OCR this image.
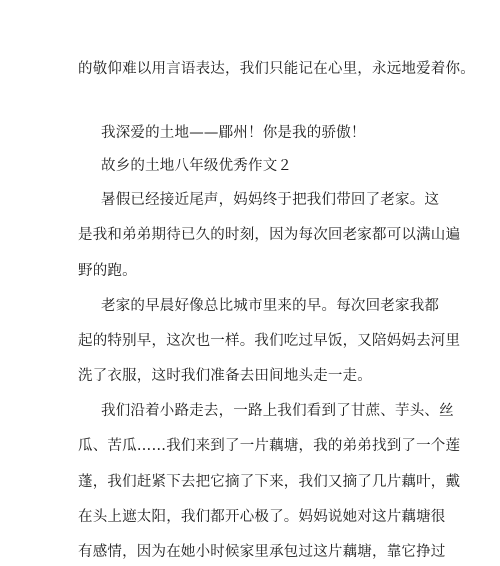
的敬仰难以用言语表达，我们只能记在心里，永远地爱着你。
我深爱的土地——郿州！你是我的骄傲！
故乡的土地八年级优秀作文２
暑假已经接近尾声，妈妈终于把我们带回了老家。这
是我和弟弟期待已久的时刻，因为每次回老家都可以满山遍
野的跑。
老家的早晨好像总比城市里来的早。每次回老家我都
起的特别早，这次也一样。我们吃过早饭，又陪妈妈去河里
洗了衣服，这时我们准备去田间地头走一走。
我们沿着小路走去，一路上我们看到了甘蔗、芋头、丝
瓜、苦瓜……我们来到了一片藕塘，我的弟弟找到了一个莲
蓬，我们赶紧下去把它摘了下来，我们又摘了几片藕叶，戴
在头上遮太阳，我们都开心极了。妈妈说她对这片藕塘很
有感情，因为在她小时候家里承包过这片藕塘，靠它挣过
